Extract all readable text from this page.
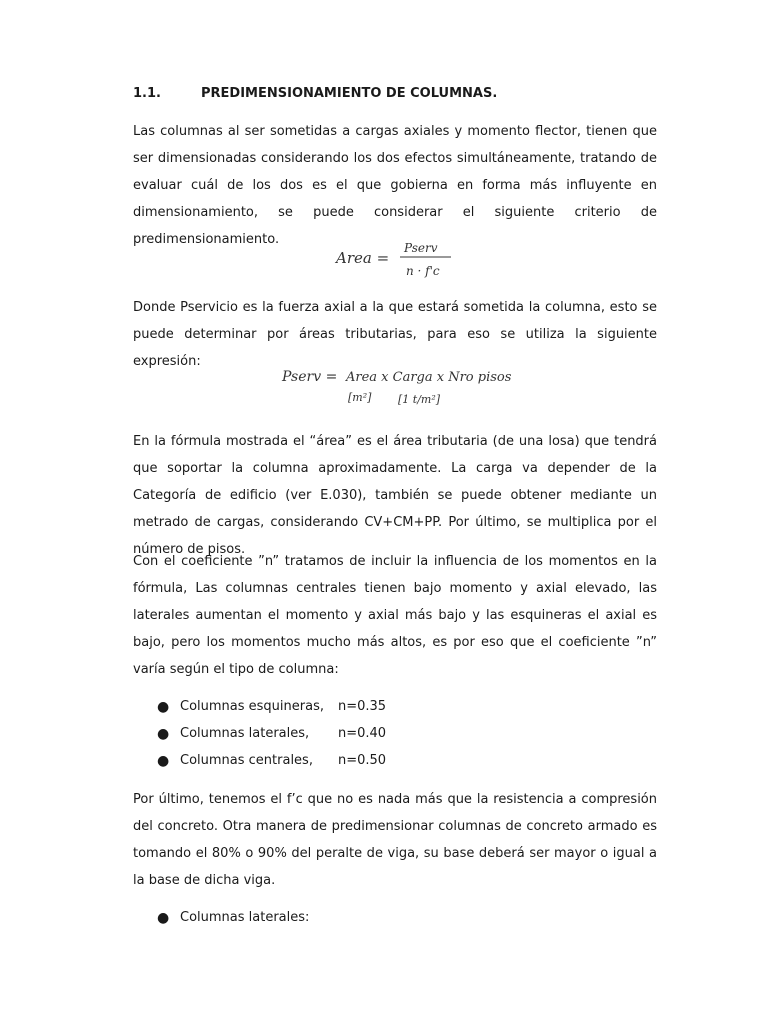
1.1.	PREDIMENSIONAMIENTO DE COLUMNAS.

Las columnas al ser sometidas a cargas axiales y momento flector, tienen que ser dimensionadas considerando los dos efectos simultáneamente, tratando de evaluar cuál de los dos es el que gobierna en forma más influyente en dimensionamiento, se puede considerar el siguiente criterio de predimensionamiento.

Area =
Pserv
n · f'c

Donde Pservicio es la fuerza axial a la que estará sometida la columna, esto se puede determinar por áreas tributarias, para eso se utiliza la siguiente expresión:

Pserv = Area x Carga x Nro pisos
[m²] [1 t/m²]

En la fórmula mostrada el “área” es el área tributaria (de una losa) que tendrá que soportar la columna aproximadamente. La carga va depender de la Categoría de edificio (ver E.030), también se puede obtener mediante un metrado de cargas, considerando CV+CM+PP. Por último, se multiplica por el número de pisos.

Con el coeficiente ”n” tratamos de incluir la influencia de los momentos en la fórmula, Las columnas centrales tienen bajo momento y axial elevado, las laterales aumentan el momento y axial más bajo y las esquineras el axial es bajo, pero los momentos mucho más altos, es por eso que el coeficiente ”n” varía según el tipo de columna:

● Columnas esquineras, n=0.35
● Columnas laterales, n=0.40
● Columnas centrales, n=0.50

Por último, tenemos el f’c que no es nada más que la resistencia a compresión del concreto. Otra manera de predimensionar columnas de concreto armado es tomando el 80% o 90% del peralte de viga, su base deberá ser mayor o igual a la base de dicha viga.

● Columnas laterales:
